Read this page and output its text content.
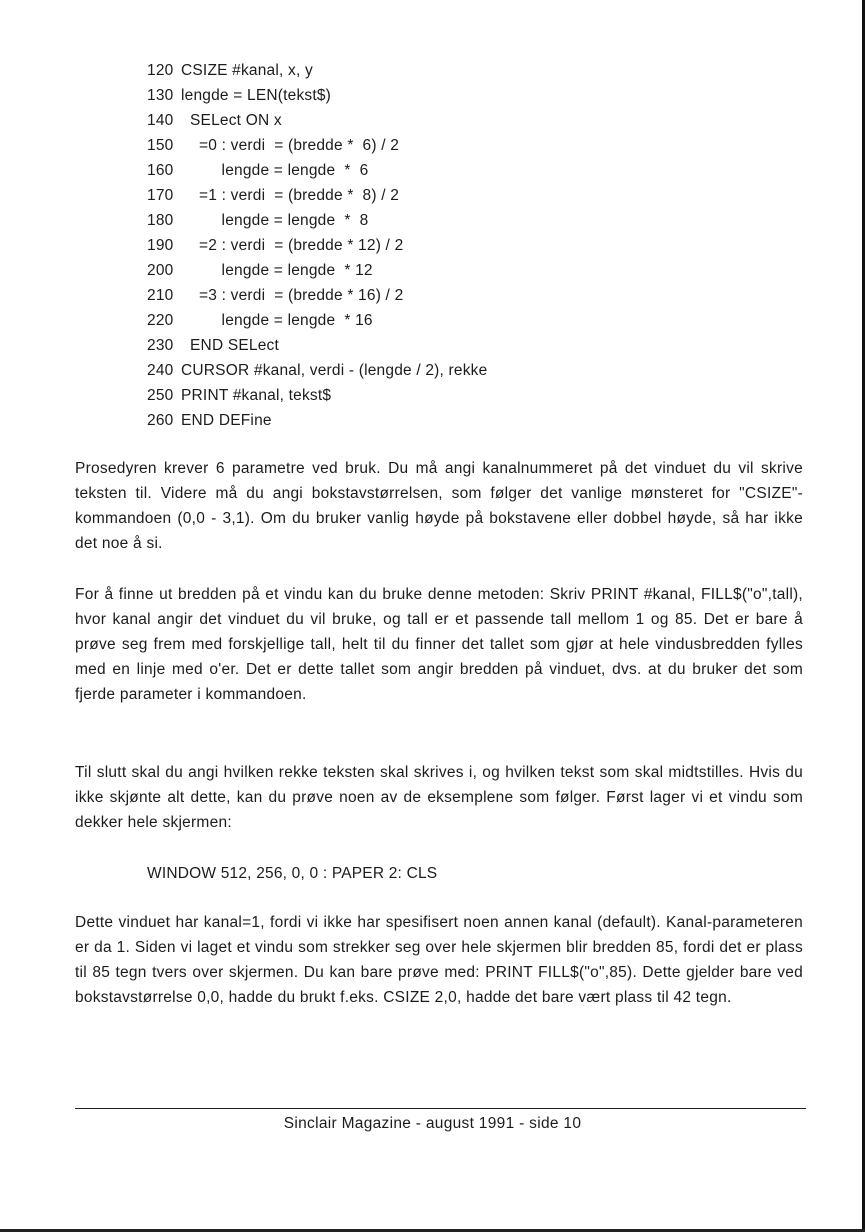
120 CSIZE #kanal, x, y
130 lengde = LEN(tekst$)
140  SELect ON x
150    =0 : verdi  = (bredde *  6) / 2
160         lengde = lengde  *  6
170    =1 : verdi  = (bredde *  8) / 2
180         lengde = lengde  *  8
190    =2 : verdi  = (bredde * 12) / 2
200         lengde = lengde  * 12
210    =3 : verdi  = (bredde * 16) / 2
220         lengde = lengde  * 16
230  END SELect
240 CURSOR #kanal, verdi - (lengde / 2), rekke
250 PRINT #kanal, tekst$
260 END DEFine

Prosedyren krever 6 parametre ved bruk. Du må angi kanalnummeret på det vinduet du vil skrive teksten til. Videre må du angi bokstavstørrelsen, som følger det vanlige mønsteret for "CSIZE"-kommandoen (0,0 - 3,1). Om du bruker vanlig høyde på bokstavene eller dobbel høyde, så har ikke det noe å si.

For å finne ut bredden på et vindu kan du bruke denne metoden: Skriv PRINT #kanal, FILL$("o",tall), hvor kanal angir det vinduet du vil bruke, og tall er et passende tall mellom 1 og 85. Det er bare å prøve seg frem med forskjellige tall, helt til du finner det tallet som gjør at hele vindusbredden fylles med en linje med o'er. Det er dette tallet som angir bredden på vinduet, dvs. at du bruker det som fjerde parameter i kommandoen.

Til slutt skal du angi hvilken rekke teksten skal skrives i, og hvilken tekst som skal midtstilles. Hvis du ikke skjønte alt dette, kan du prøve noen av de eksemplene som følger. Først lager vi et vindu som dekker hele skjermen:

WINDOW 512, 256, 0, 0 : PAPER 2: CLS

Dette vinduet har kanal=1, fordi vi ikke har spesifisert noen annen kanal (default). Kanal-parameteren er da 1. Siden vi laget et vindu som strekker seg over hele skjermen blir bredden 85, fordi det er plass til 85 tegn tvers over skjermen. Du kan bare prøve med: PRINT FILL$("o",85). Dette gjelder bare ved bokstavstørrelse 0,0, hadde du brukt f.eks. CSIZE 2,0, hadde det bare vært plass til 42 tegn.

Sinclair Magazine - august 1991 - side 10
